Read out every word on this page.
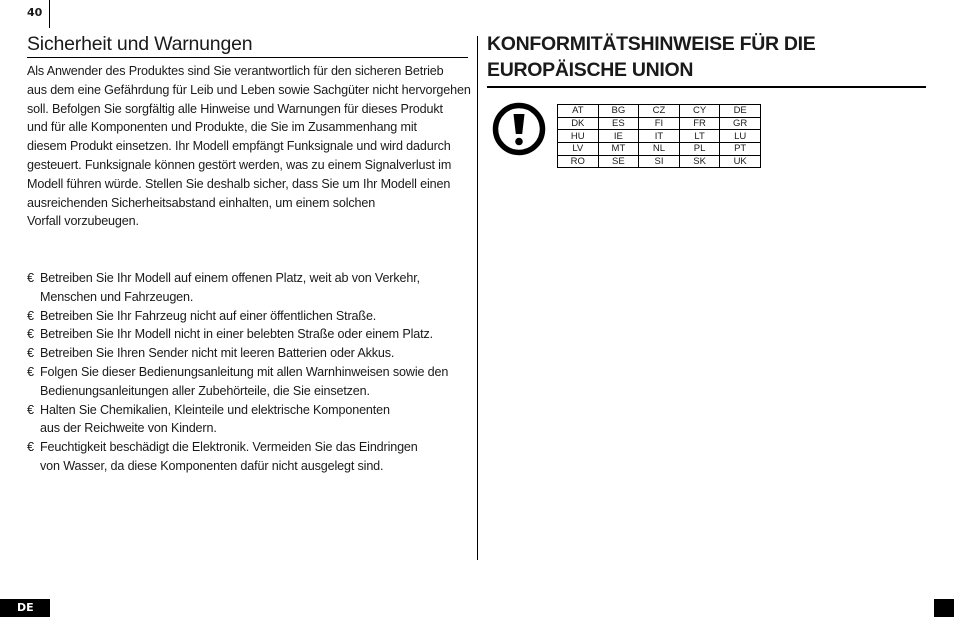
40
Sicherheit und Warnungen

Als Anwender des Produktes sind Sie verantwortlich für den sicheren Betrieb
aus dem eine Gefährdung für Leib und Leben sowie Sachgüter nicht hervorgehen
soll. Befolgen Sie sorgfältig alle Hinweise und Warnungen für dieses Produkt
und für alle Komponenten und Produkte, die Sie im Zusammenhang mit
diesem Produkt einsetzen. Ihr Modell empfängt Funksignale und wird dadurch
gesteuert. Funksignale können gestört werden, was zu einem Signalverlust im
Modell führen würde. Stellen Sie deshalb sicher, dass Sie um Ihr Modell einen
ausreichenden Sicherheitsabstand einhalten, um einem solchen
Vorfall vorzubeugen.

€ Betreiben Sie Ihr Modell auf einem offenen Platz, weit ab von Verkehr,
Menschen und Fahrzeugen.
€ Betreiben Sie Ihr Fahrzeug nicht auf einer öffentlichen Straße.
€ Betreiben Sie Ihr Modell nicht in einer belebten Straße oder einem Platz.
€ Betreiben Sie Ihren Sender nicht mit leeren Batterien oder Akkus.
€ Folgen Sie dieser Bedienungsanleitung mit allen Warnhinweisen sowie den
Bedienungsanleitungen aller Zubehörteile, die Sie einsetzen.
€ Halten Sie Chemikalien, Kleinteile und elektrische Komponenten
aus der Reichweite von Kindern.
€ Feuchtigkeit beschädigt die Elektronik. Vermeiden Sie das Eindringen
von Wasser, da diese Komponenten dafür nicht ausgelegt sind.
KONFORMITÄTSHINWEISE FÜR DIE
EUROPÄISCHE UNION
AT	BG	CZ	CY	DE
DK	ES	FI	FR	GR
HU	IE	IT	LT	LU
LV	MT	NL	PL	PT
RO	SE	SI	SK	UK
DE
